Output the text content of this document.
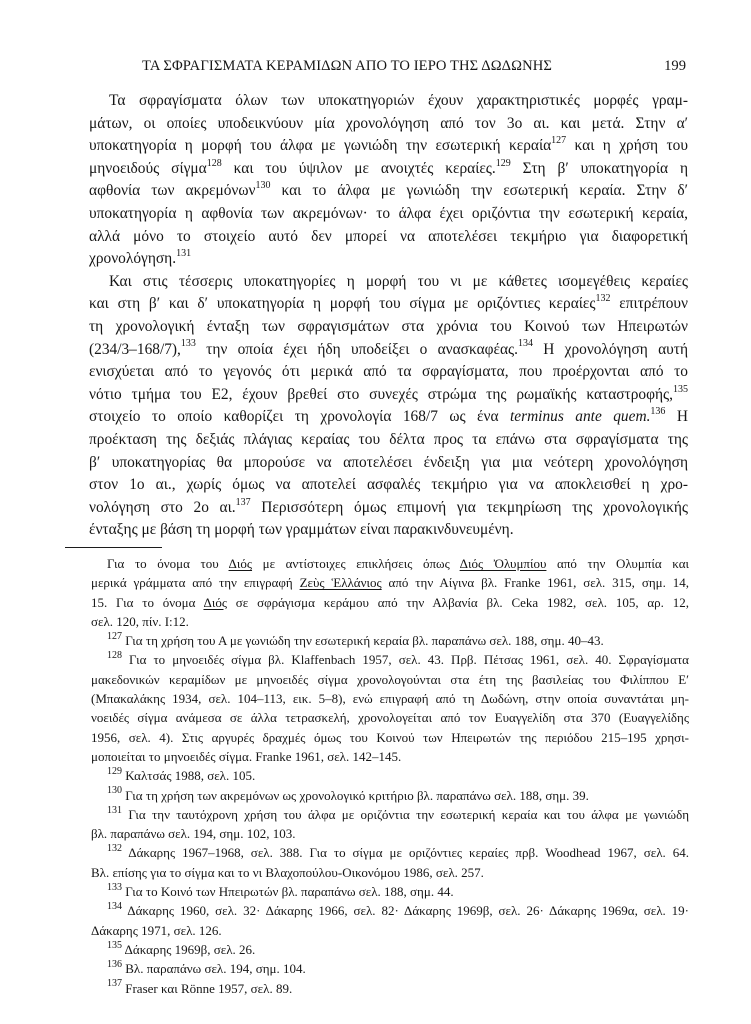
ΤΑ ΣΦΡΑΓΙΣΜΑΤΑ ΚΕΡΑΜΙΔΩΝ ΑΠΟ ΤΟ ΙΕΡΟ ΤΗΣ ΔΩΔΩΝΗΣ	199
Τα σφραγίσματα όλων των υποκατηγοριών έχουν χαρακτηριστικές μορφές γραμ-
μάτων, οι οποίες υποδεικνύουν μία χρονολόγηση από τον 3ο αι. και μετά. Στην α′
υποκατηγορία η μορφή του άλφα με γωνιώδη την εσωτερική κεραία$^{127}$ και η χρήση του
μηνοειδούς σίγμα$^{128}$ και του ύψιλον με ανοιχτές κεραίες.$^{129}$ Στη β′ υποκατηγορία η
αφθονία των ακρεμόνων$^{130}$ και το άλφα με γωνιώδη την εσωτερική κεραία. Στην δ′
υποκατηγορία η αφθονία των ακρεμόνων· το άλφα έχει οριζόντια την εσωτερική κεραία,
αλλά μόνο το στοιχείο αυτό δεν μπορεί να αποτελέσει τεκμήριο για διαφορετική
χρονολόγηση.$^{131}$
Και στις τέσσερις υποκατηγορίες η μορφή του νι με κάθετες ισομεγέθεις κεραίες
και στη β′ και δ′ υποκατηγορία η μορφή του σίγμα με οριζόντιες κεραίες$^{132}$ επιτρέπουν
τη χρονολογική ένταξη των σφραγισμάτων στα χρόνια του Κοινού των Ηπειρωτών
(234/3–168/7),$^{133}$ την οποία έχει ήδη υποδείξει ο ανασκαφέας.$^{134}$ Η χρονολόγηση αυτή
ενισχύεται από το γεγονός ότι μερικά από τα σφραγίσματα, που προέρχονται από το
νότιο τμήμα του Ε2, έχουν βρεθεί στο συνεχές στρώμα της ρωμαϊκής καταστροφής,$^{135}$
στοιχείο το οποίο καθορίζει τη χρονολογία 168/7 ως ένα terminus ante quem.$^{136}$ Η
προέκταση της δεξιάς πλάγιας κεραίας του δέλτα προς τα επάνω στα σφραγίσματα της
β′ υποκατηγορίας θα μπορούσε να αποτελέσει ένδειξη για μια νεότερη χρονολόγηση
στον 1ο αι., χωρίς όμως να αποτελεί ασφαλές τεκμήριο για να αποκλεισθεί η χρο-
νολόγηση στο 2ο αι.$^{137}$ Περισσότερη όμως επιμονή για τεκμηρίωση της χρονολογικής
ένταξης με βάση τη μορφή των γραμμάτων είναι παρακινδυνευμένη.
Για το όνομα του Διός με αντίστοιχες επικλήσεις όπως Διός Ὀλυμπίου από την Ολυμπία και
μερικά γράμματα από την επιγραφή Ζεὺς Ἑλλάνιος από την Αίγινα βλ. Franke 1961, σελ. 315, σημ. 14,
15. Για το όνομα Διός σε σφράγισμα κεράμου από την Αλβανία βλ. Ceka 1982, σελ. 105, αρ. 12,
σελ. 120, πίν. Ι:12.
$^{127}$ Για τη χρήση του Α με γωνιώδη την εσωτερική κεραία βλ. παραπάνω σελ. 188, σημ. 40–43.
$^{128}$ Για το μηνοειδές σίγμα βλ. Klaffenbach 1957, σελ. 43. Πρβ. Πέτσας 1961, σελ. 40. Σφραγίσματα
μακεδονικών κεραμίδων με μηνοειδές σίγμα χρονολογούνται στα έτη της βασιλείας του Φιλίππου Ε′
(Μπακαλάκης 1934, σελ. 104–113, εικ. 5–8), ενώ επιγραφή από τη Δωδώνη, στην οποία συναντάται μη-
νοειδές σίγμα ανάμεσα σε άλλα τετρασκελή, χρονολογείται από τον Ευαγγελίδη στα 370 (Ευαγγελίδης
1956, σελ. 4). Στις αργυρές δραχμές όμως του Κοινού των Ηπειρωτών της περιόδου 215–195 χρησι-
μοποιείται το μηνοειδές σίγμα. Franke 1961, σελ. 142–145.
$^{129}$ Καλτσάς 1988, σελ. 105.
$^{130}$ Για τη χρήση των ακρεμόνων ως χρονολογικό κριτήριο βλ. παραπάνω σελ. 188, σημ. 39.
$^{131}$ Για την ταυτόχρονη χρήση του άλφα με οριζόντια την εσωτερική κεραία και του άλφα με γωνιώδη
βλ. παραπάνω σελ. 194, σημ. 102, 103.
$^{132}$ Δάκαρης 1967–1968, σελ. 388. Για το σίγμα με οριζόντιες κεραίες πρβ. Woodhead 1967, σελ. 64.
Βλ. επίσης για το σίγμα και το νι Βλαχοπούλου-Οικονόμου 1986, σελ. 257.
$^{133}$ Για το Κοινό των Ηπειρωτών βλ. παραπάνω σελ. 188, σημ. 44.
$^{134}$ Δάκαρης 1960, σελ. 32· Δάκαρης 1966, σελ. 82· Δάκαρης 1969β, σελ. 26· Δάκαρης 1969α, σελ. 19·
Δάκαρης 1971, σελ. 126.
$^{135}$ Δάκαρης 1969β, σελ. 26.
$^{136}$ Βλ. παραπάνω σελ. 194, σημ. 104.
$^{137}$ Fraser και Rönne 1957, σελ. 89.
